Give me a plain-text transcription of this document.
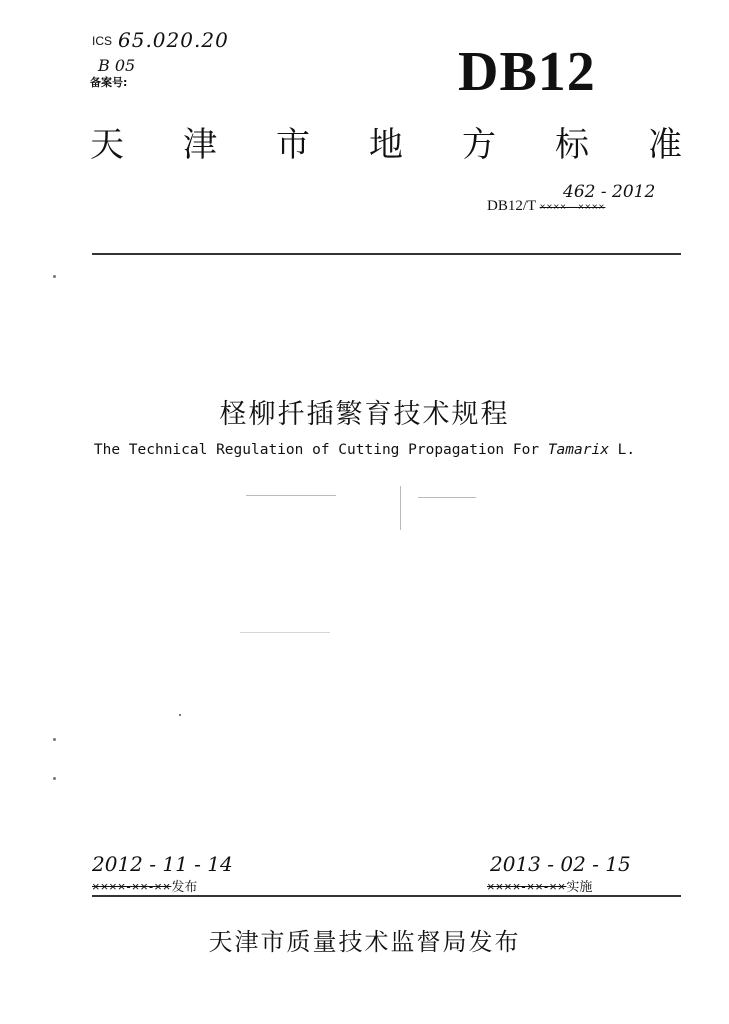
ICS 65.020.20
B 05
备案号:	DB12
天 津 市 地 方 标 准
462 - 2012
DB12/T ××××—××××
柽柳扦插繁育技术规程
The Technical Regulation of Cutting Propagation For Tamarix L.
2012 - 11 - 14
××××-××-××发布
2013 - 02 - 15
××××-××-××实施
天津市质量技术监督局发布
